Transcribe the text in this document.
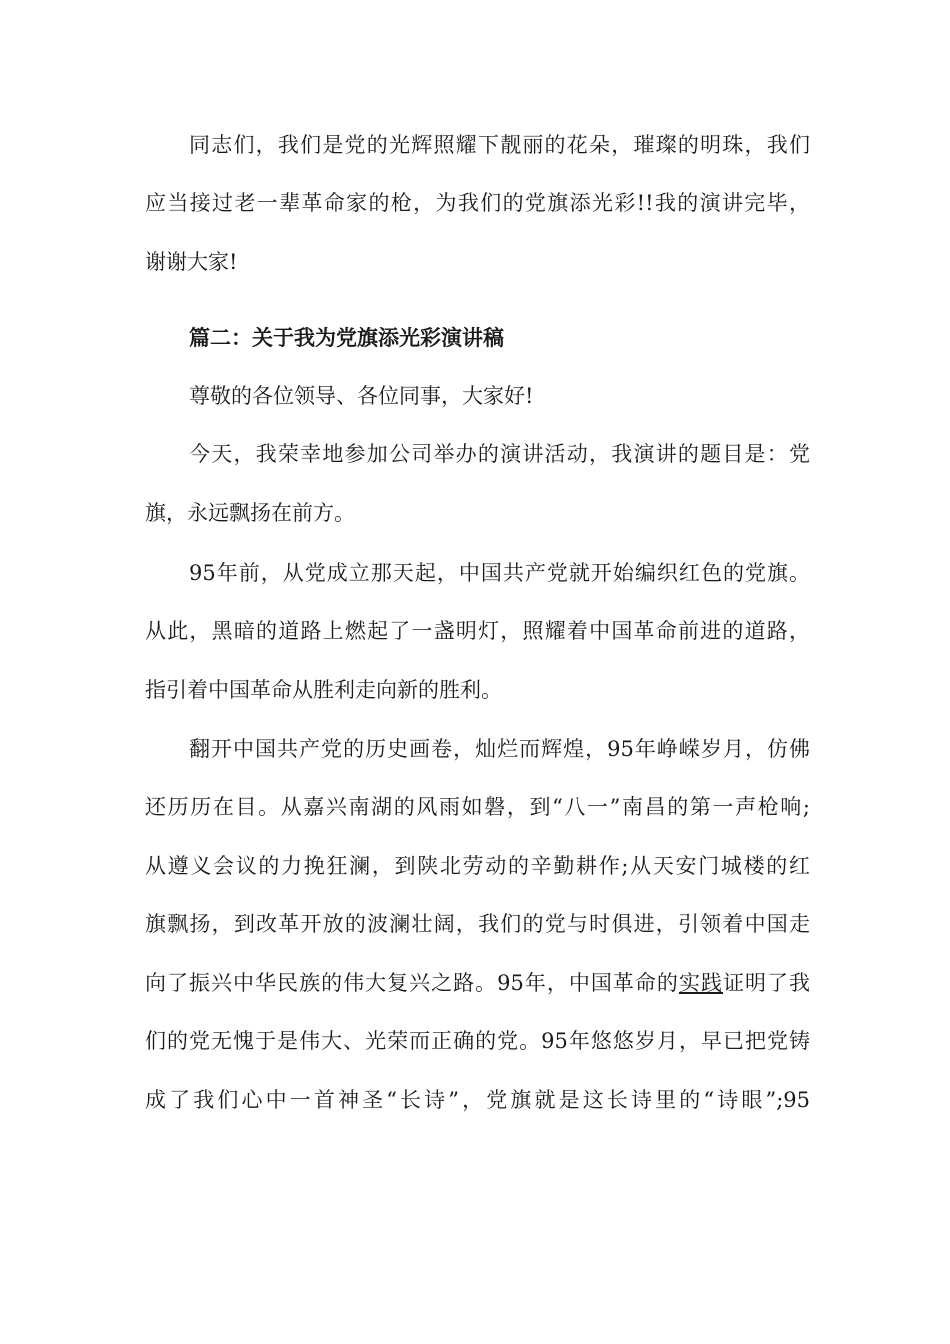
同志们，我们是党的光辉照耀下靓丽的花朵，璀璨的明珠，我们
应当接过老一辈革命家的枪，为我们的党旗添光彩!!我的演讲完毕，
谢谢大家!
篇二：关于我为党旗添光彩演讲稿
尊敬的各位领导、各位同事，大家好!
今天，我荣幸地参加公司举办的演讲活动，我演讲的题目是：党
旗，永远飘扬在前方。
95年前，从党成立那天起，中国共产党就开始编织红色的党旗。
从此，黑暗的道路上燃起了一盏明灯，照耀着中国革命前进的道路，
指引着中国革命从胜利走向新的胜利。
翻开中国共产党的历史画卷，灿烂而辉煌，95年峥嵘岁月，仿佛
还历历在目。从嘉兴南湖的风雨如磐，到“八一”南昌的第一声枪响;
从遵义会议的力挽狂澜，到陕北劳动的辛勤耕作;从天安门城楼的红
旗飘扬，到改革开放的波澜壮阔，我们的党与时俱进，引领着中国走
向了振兴中华民族的伟大复兴之路。95年，中国革命的实践证明了我
们的党无愧于是伟大、光荣而正确的党。95年悠悠岁月，早已把党铸
成了我们心中一首神圣“长诗”，党旗就是这长诗里的“诗眼”;95
